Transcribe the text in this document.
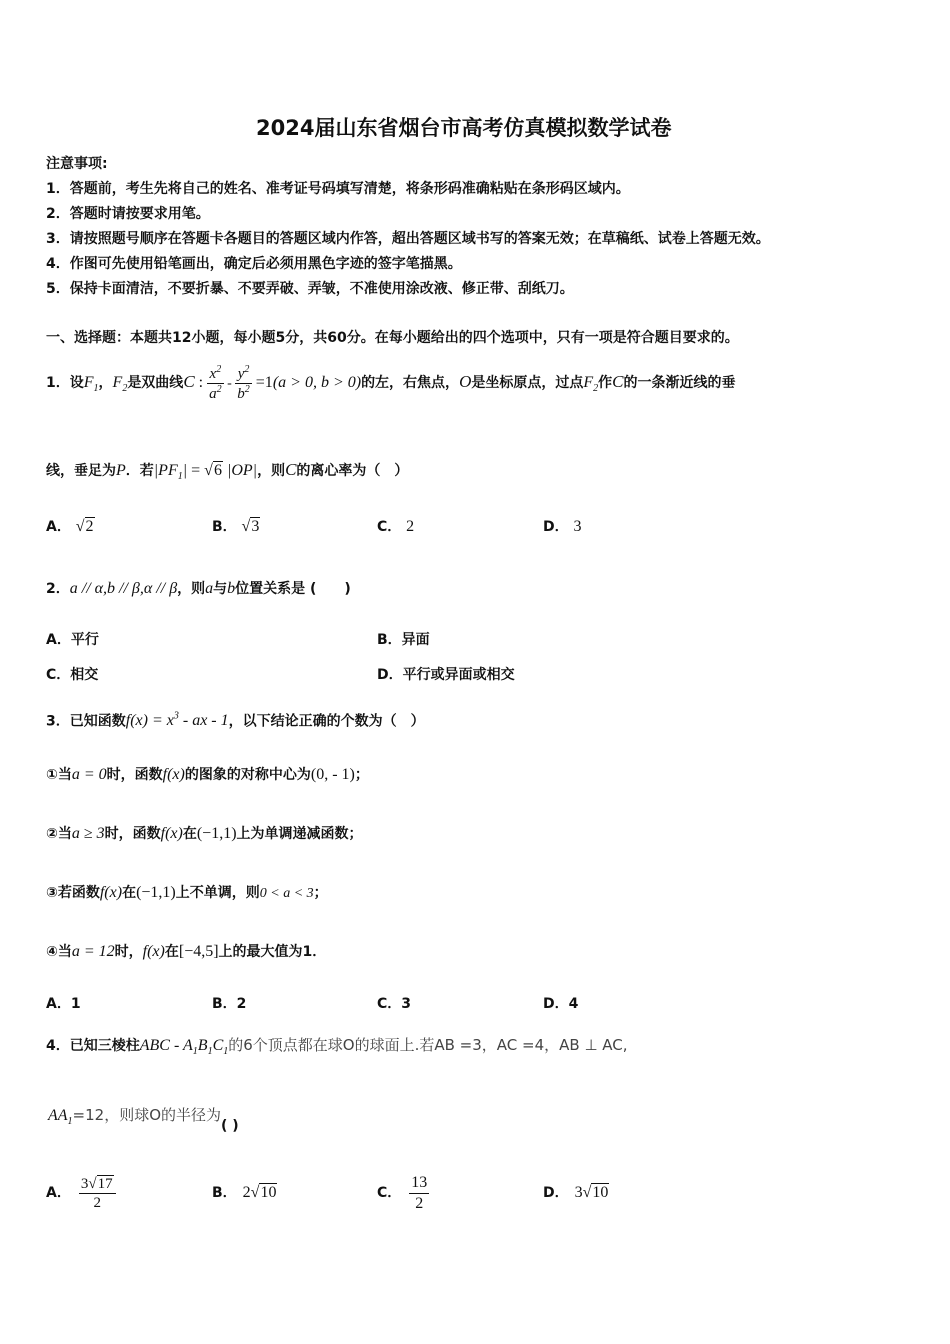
2024届山东省烟台市高考仿真模拟数学试卷
注意事项:
1．答题前，考生先将自己的姓名、准考证号码填写清楚，将条形码准确粘贴在条形码区域内。
2．答题时请按要求用笔。
3．请按照题号顺序在答题卡各题目的答题区域内作答，超出答题区域书写的答案无效；在草稿纸、试卷上答题无效。
4．作图可先使用铅笔画出，确定后必须用黑色字迹的签字笔描黑。
5．保持卡面清洁，不要折暴、不要弄破、弄皱，不准使用涂改液、修正带、刮纸刀。
一、选择题：本题共12小题，每小题5分，共60分。在每小题给出的四个选项中，只有一项是符合题目要求的。
1．设$F_1$，$F_2$是双曲线C : $\frac{x^2}{a^2} - \frac{y^2}{b^2} =1(a > 0$, b > 0)的左，右焦点，O是坐标原点，过点$F_2$作C的一条渐近线的垂
线，垂足为P．若$|PF_1| = √6$ |OP|，则C的离心率为（　）
A． √2	B． √3	C． 2	D． 3
2．a // α,b // β,α // β，则a与b位置关系是 (　　)
A．平行	B．异面
C．相交	D．平行或异面或相交
3．已知函数$f(x) = x^3$ - ax - 1，以下结论正确的个数为（　）
①当a = 0时，函数f(x)的图象的对称中心为(0, - 1)；
②当a ≥ 3时，函数f(x)在(−1,1)上为单调递减函数；
③若函数f(x)在(−1,1)上不单调，则0 < a < 3；
④当a = 12时，f(x)在[−4,5]上的最大值为1．
A．1	B．2	C．3	D．4
4．已知三棱柱ABC - $A_1B_1C_1$的6个顶点都在球O的球面上.若AB =3，AC =4，AB ⊥ AC,
$AA_1=12$，则球O的半径为( )
A． $\frac{3√17}{2}$	B． 2√10	C． $\frac{13}{2}$	D． 3√10
